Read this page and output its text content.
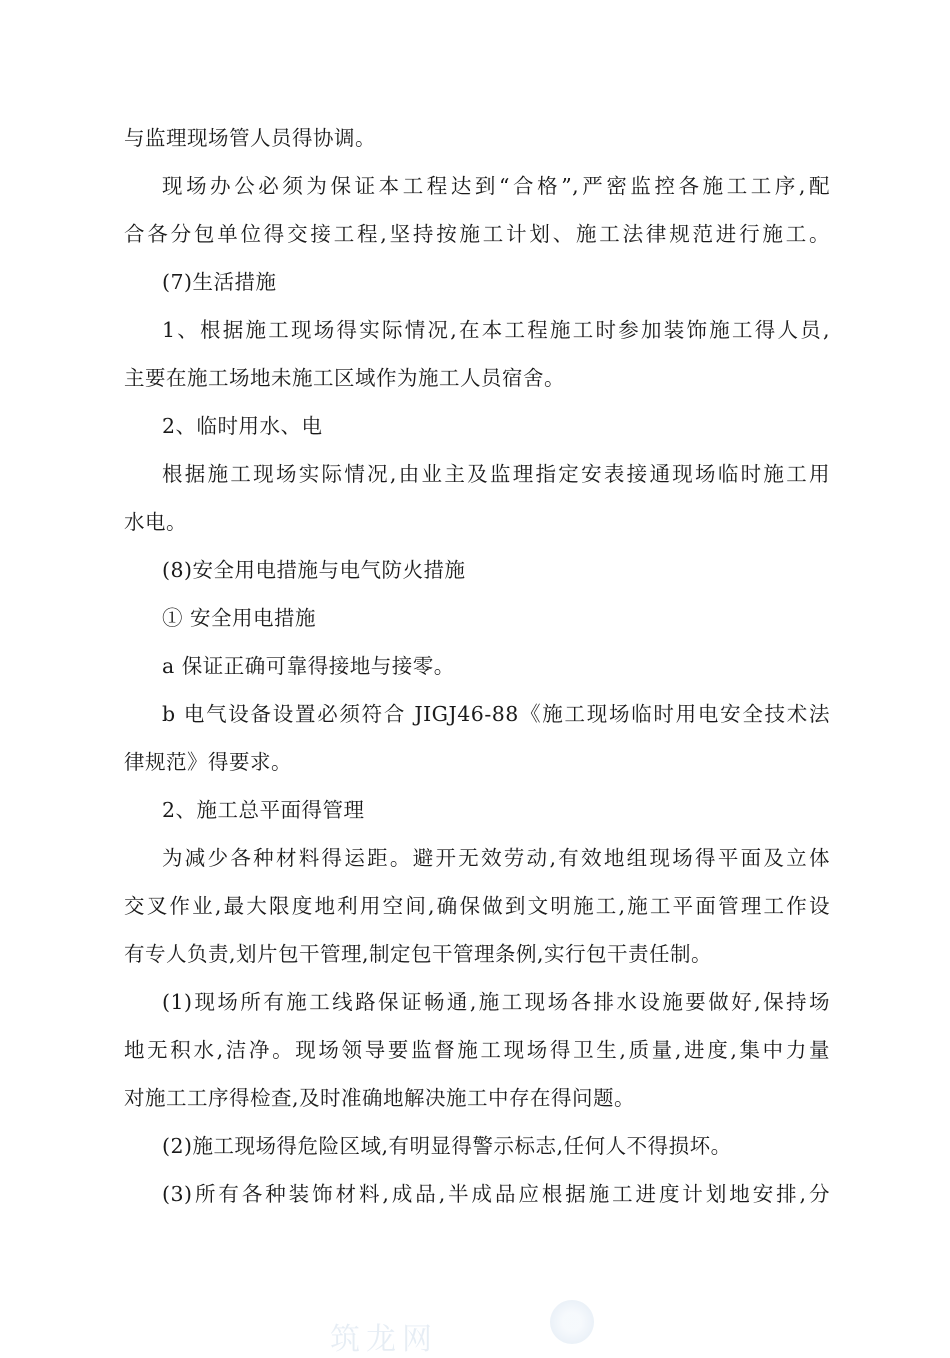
与监理现场管人员得协调。
现场办公必须为保证本工程达到“合格”,严密监控各施工工序,配
合各分包单位得交接工程,坚持按施工计划、施工法律规范进行施工。
(7)生活措施
1、根据施工现场得实际情况,在本工程施工时参加装饰施工得人员,
主要在施工场地未施工区域作为施工人员宿舍。
2、临时用水、电
根据施工现场实际情况,由业主及监理指定安表接通现场临时施工用
水电。
(8)安全用电措施与电气防火措施
① 安全用电措施
a 保证正确可靠得接地与接零。
b 电气设备设置必须符合 JIGJ46-88《施工现场临时用电安全技术法
律规范》得要求。
2、施工总平面得管理
为减少各种材料得运距。避开无效劳动,有效地组现场得平面及立体
交叉作业,最大限度地利用空间,确保做到文明施工,施工平面管理工作设
有专人负责,划片包干管理,制定包干管理条例,实行包干责任制。
(1)现场所有施工线路保证畅通,施工现场各排水设施要做好,保持场
地无积水,洁净。现场领导要监督施工现场得卫生,质量,进度,集中力量
对施工工序得检查,及时准确地解决施工中存在得问题。
(2)施工现场得危险区域,有明显得警示标志,任何人不得损坏。
(3)所有各种装饰材料,成品,半成品应根据施工进度计划地安排,分
筑龙网
